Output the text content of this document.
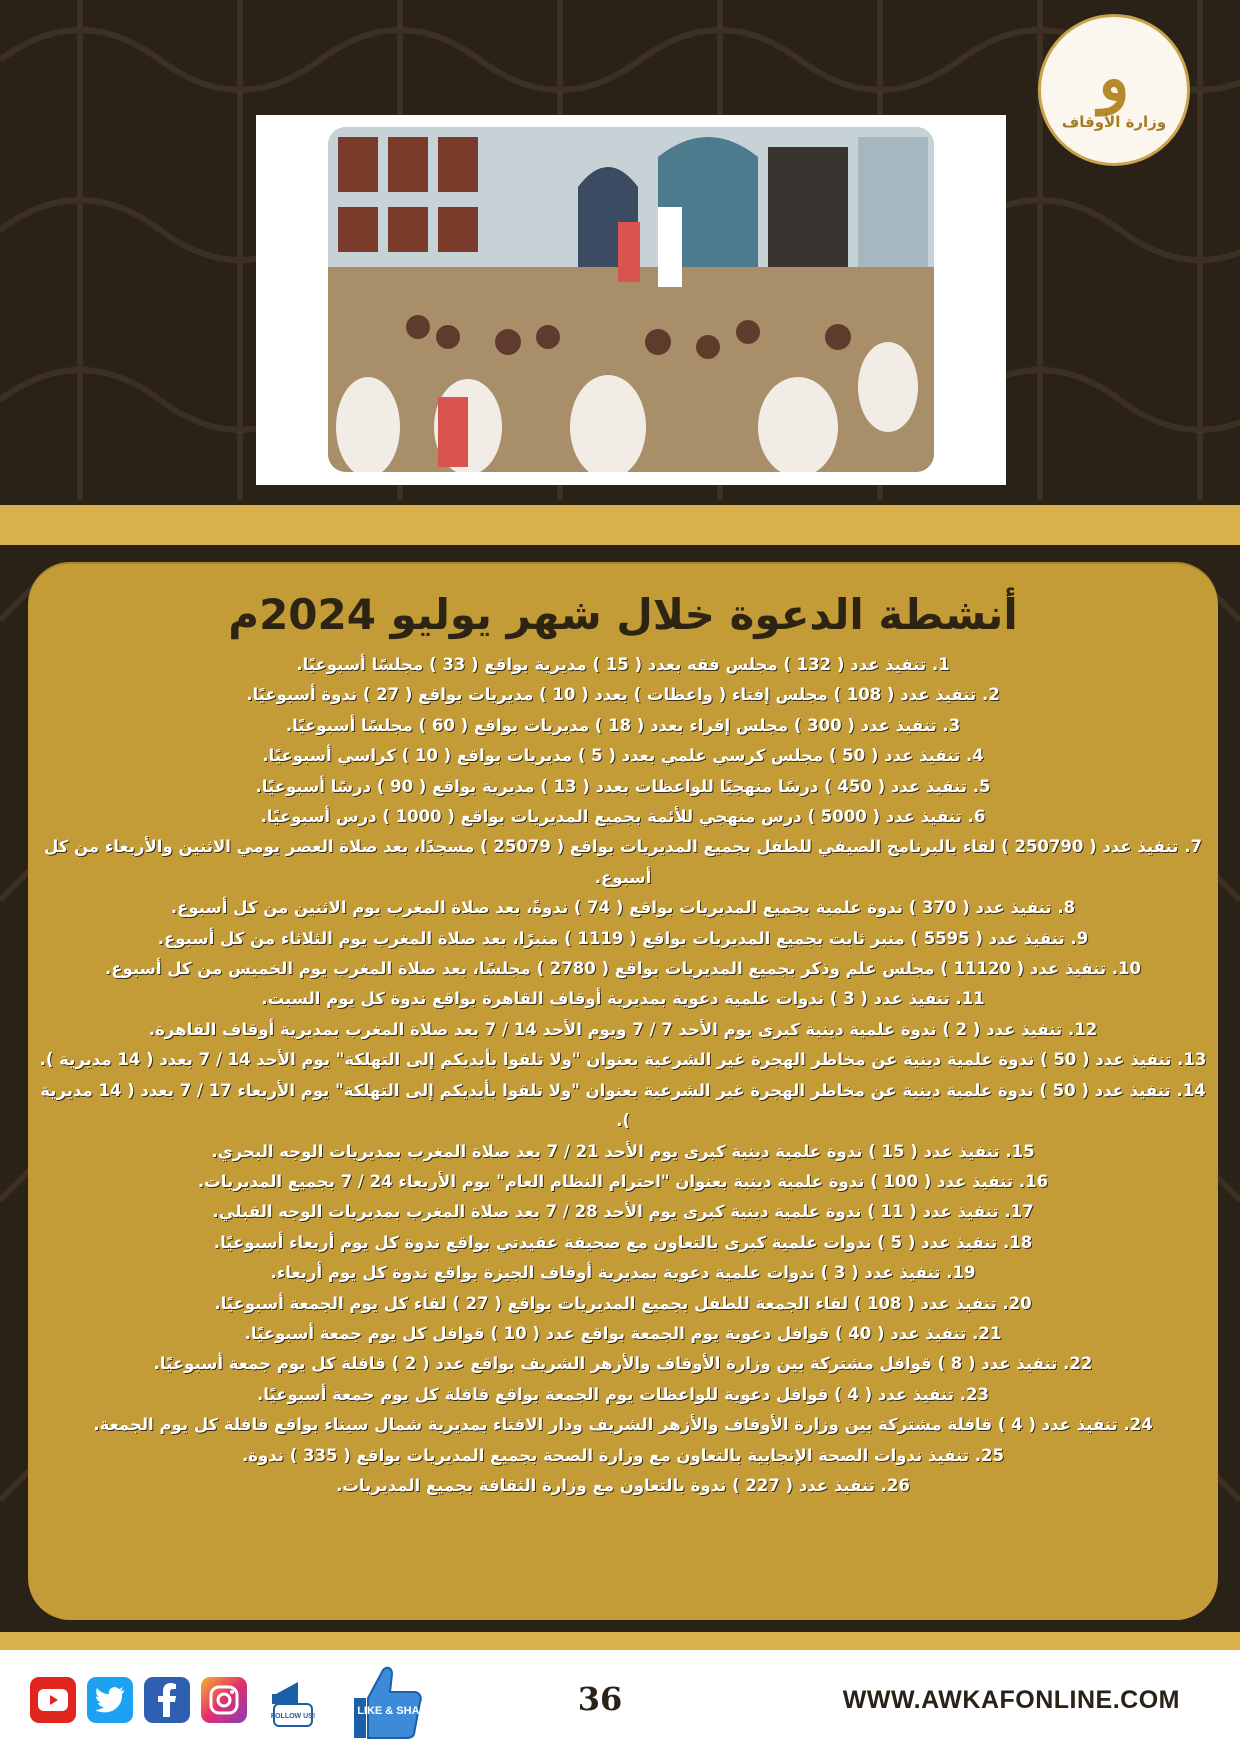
و
وزارة الأوقاف
أنشطة الدعوة خلال شهر يوليو 2024م
1. تنفيذ عدد ( 132 ) مجلس فقه بعدد ( 15 ) مديرية بواقع ( 33 ) مجلسًا أسبوعيًا.
2. تنفيذ عدد ( 108 ) مجلس إفتاء ( واعظات ) بعدد ( 10 ) مديريات بواقع ( 27 ) ندوة أسبوعيًا.
3. تنفيذ عدد ( 300 ) مجلس إقراء بعدد ( 18 ) مديريات بواقع ( 60 ) مجلسًا أسبوعيًا.
4. تنفيذ عدد ( 50 ) مجلس كرسي علمي بعدد ( 5 ) مديريات بواقع ( 10 ) كراسي أسبوعيًا.
5. تنفيذ عدد ( 450 ) درسًا منهجيًا للواعظات بعدد ( 13 ) مديرية بواقع ( 90 ) درسًا أسبوعيًا.
6. تنفيذ عدد ( 5000 ) درس منهجي للأئمة بجميع المديريات بواقع ( 1000 ) درس أسبوعيًا.
7. تنفيذ عدد ( 250790 ) لقاء بالبرنامج الصيفي للطفل بجميع المديريات بواقع ( 25079 ) مسجدًا، بعد صلاة العصر يومي الاثنين والأربعاء من كل أسبوع.
8. تنفيذ عدد ( 370 ) ندوة علمية بجميع المديريات بواقع ( 74 ) ندوةً، بعد صلاة المغرب يوم الاثنين من كل أسبوع.
9. تنفيذ عدد ( 5595 ) منبر ثابت بجميع المديريات بواقع ( 1119 ) منبرًا، بعد صلاة المغرب يوم الثلاثاء من كل أسبوع.
10. تنفيذ عدد ( 11120 ) مجلس علم وذكر بجميع المديريات بواقع ( 2780 ) مجلسًا، بعد صلاة المغرب يوم الخميس من كل أسبوع.
11. تنفيذ عدد ( 3 ) ندوات علمية دعوية بمديرية أوقاف القاهرة بواقع ندوة كل يوم السبت.
12. تنفيذ عدد ( 2 ) ندوة علمية دينية كبرى يوم الأحد 7 / 7 ويوم الأحد 14 / 7 بعد صلاة المغرب بمديرية أوقاف القاهرة.
13. تنفيذ عدد ( 50 ) ندوة علمية دينية عن مخاطر الهجرة غير الشرعية بعنوان "ولا تلقوا بأيديكم إلى التهلكة" يوم الأحد 14 / 7 بعدد ( 14 مديرية ).
14. تنفيذ عدد ( 50 ) ندوة علمية دينية عن مخاطر الهجرة غير الشرعية بعنوان "ولا تلقوا بأيديكم إلى التهلكة" يوم الأربعاء 17 / 7 بعدد ( 14 مديرية ).
15. تنفيذ عدد ( 15 ) ندوة علمية دينية كبرى يوم الأحد 21 / 7 بعد صلاة المغرب بمديريات الوجه البحري.
16. تنفيذ عدد ( 100 ) ندوة علمية دينية بعنوان "احترام النظام العام" يوم الأربعاء 24 / 7 بجميع المديريات.
17. تنفيذ عدد ( 11 ) ندوة علمية دينية كبرى يوم الأحد 28 / 7 بعد صلاة المغرب بمديريات الوجه القبلي.
18. تنفيذ عدد ( 5 ) ندوات علمية كبرى بالتعاون مع صحيفة عقيدتي بواقع ندوة كل يوم أربعاء أسبوعيًا.
19. تنفيذ عدد ( 3 ) ندوات علمية دعوية بمديرية أوقاف الجيزة بواقع ندوة كل يوم أربعاء.
20. تنفيذ عدد ( 108 ) لقاء الجمعة للطفل بجميع المديريات بواقع ( 27 ) لقاء كل يوم الجمعة أسبوعيًا.
21. تنفيذ عدد ( 40 ) قوافل دعوية يوم الجمعة بواقع عدد ( 10 ) قوافل كل يوم جمعة أسبوعيًا.
22. تنفيذ عدد ( 8 ) قوافل مشتركة بين وزارة الأوقاف والأزهر الشريف بواقع عدد ( 2 ) قافلة كل يوم جمعة أسبوعيًا.
23. تنفيذ عدد ( 4 ) قوافل دعوية للواعظات يوم الجمعة بواقع قافلة كل يوم جمعة أسبوعيًا.
24. تنفيذ عدد ( 4 ) قافلة مشتركة بين وزارة الأوقاف والأزهر الشريف ودار الافتاء بمديرية شمال سيناء بواقع قافلة كل يوم الجمعة.
25. تنفيذ ندوات الصحة الإنجابية بالتعاون مع وزارة الصحة بجميع المديريات بواقع ( 335 ) ندوة.
26. تنفيذ عدد ( 227 ) ندوة بالتعاون مع وزارة الثقافة بجميع المديريات.
FOLLOW US!	LIKE & SHARE	36	WWW.AWKAFONLINE.COM
